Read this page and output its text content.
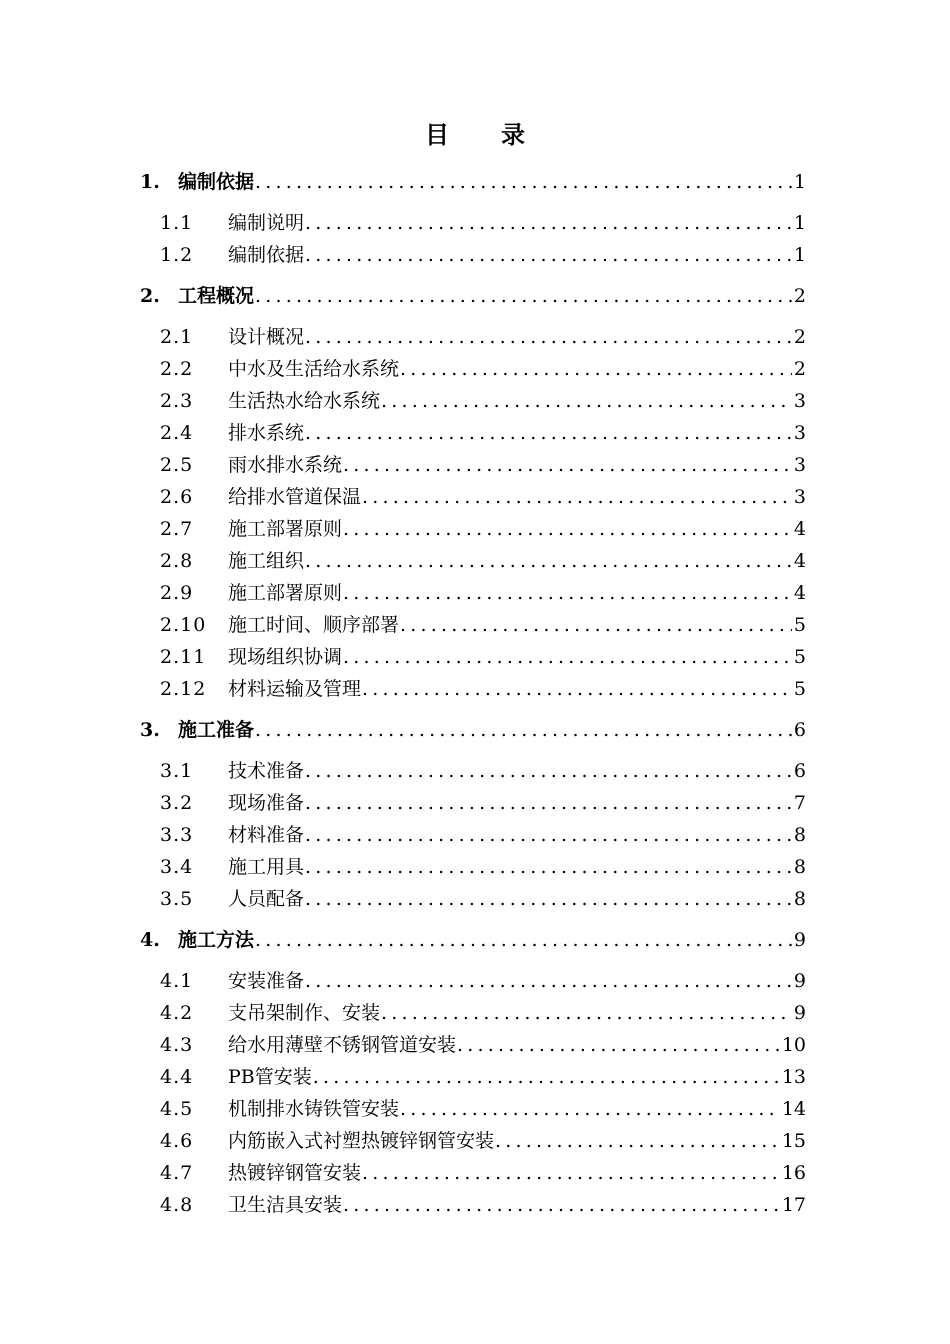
目 录
1. 编制依据 .....	1
1.1	编制说明 .....	1
1.2	编制依据 .....	1
2. 工程概况 .....	2
2.1	设计概况 .....	2
2.2	中水及生活给水系统 .....	2
2.3	生活热水给水系统 .....	3
2.4	排水系统 .....	3
2.5	雨水排水系统 .....	3
2.6	给排水管道保温 .....	3
2.7	施工部署原则 .....	4
2.8	施工组织 .....	4
2.9	施工部署原则 .....	4
2.10	施工时间、顺序部署 .....	5
2.11	现场组织协调 .....	5
2.12	材料运输及管理 .....	5
3. 施工准备 .....	6
3.1	技术准备 .....	6
3.2	现场准备 .....	7
3.3	材料准备 .....	8
3.4	施工用具 .....	8
3.5	人员配备 .....	8
4. 施工方法 .....	9
4.1	安装准备 .....	9
4.2	支吊架制作、安装 .....	9
4.3	给水用薄壁不锈钢管道安装 .....	10
4.4	PB管安装 .....	13
4.5	机制排水铸铁管安装 .....	14
4.6	内筋嵌入式衬塑热镀锌钢管安装 .....	15
4.7	热镀锌钢管安装 .....	16
4.8	卫生洁具安装 .....	17
